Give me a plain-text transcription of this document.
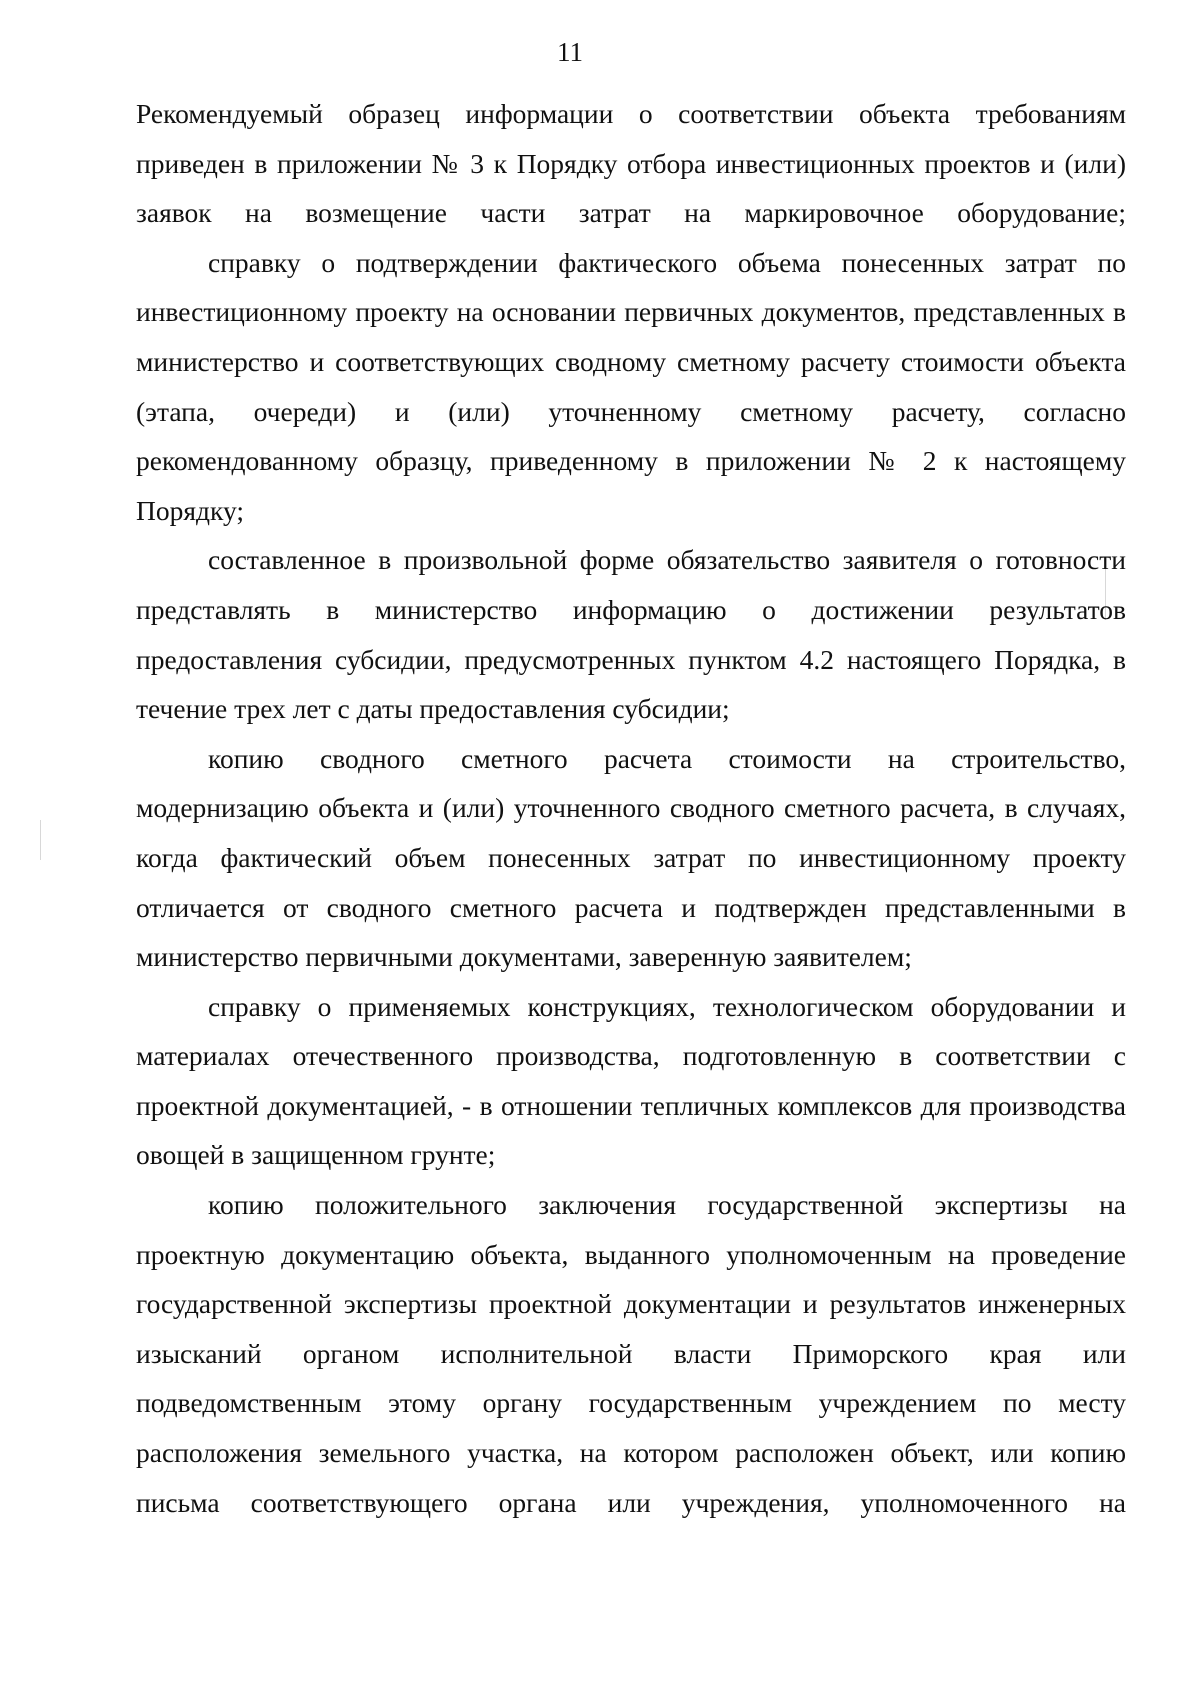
11

Рекомендуемый образец информации о соответствии объекта требованиям приведен в приложении № 3 к Порядку отбора инвестиционных проектов и (или) заявок на возмещение части затрат на маркировочное оборудование;

справку о подтверждении фактического объема понесенных затрат по инвестиционному проекту на основании первичных документов, представленных в министерство и соответствующих сводному сметному расчету стоимости объекта (этапа, очереди) и (или) уточненному сметному расчету, согласно рекомендованному образцу, приведенному в приложении № 2 к настоящему Порядку;

составленное в произвольной форме обязательство заявителя о готовности представлять в министерство информацию о достижении результатов предоставления субсидии, предусмотренных пунктом 4.2 настоящего Порядка, в течение трех лет с даты предоставления субсидии;

копию сводного сметного расчета стоимости на строительство, модернизацию объекта и (или) уточненного сводного сметного расчета, в случаях, когда фактический объем понесенных затрат по инвестиционному проекту отличается от сводного сметного расчета и подтвержден представленными в министерство первичными документами, заверенную заявителем;

справку о применяемых конструкциях, технологическом оборудовании и материалах отечественного производства, подготовленную в соответствии с проектной документацией, - в отношении тепличных комплексов для производства овощей в защищенном грунте;

копию положительного заключения государственной экспертизы на проектную документацию объекта, выданного уполномоченным на проведение государственной экспертизы проектной документации и результатов инженерных изысканий органом исполнительной власти Приморского края или подведомственным этому органу государственным учреждением по месту расположения земельного участка, на котором расположен объект, или копию письма соответствующего органа или учреждения, уполномоченного на
